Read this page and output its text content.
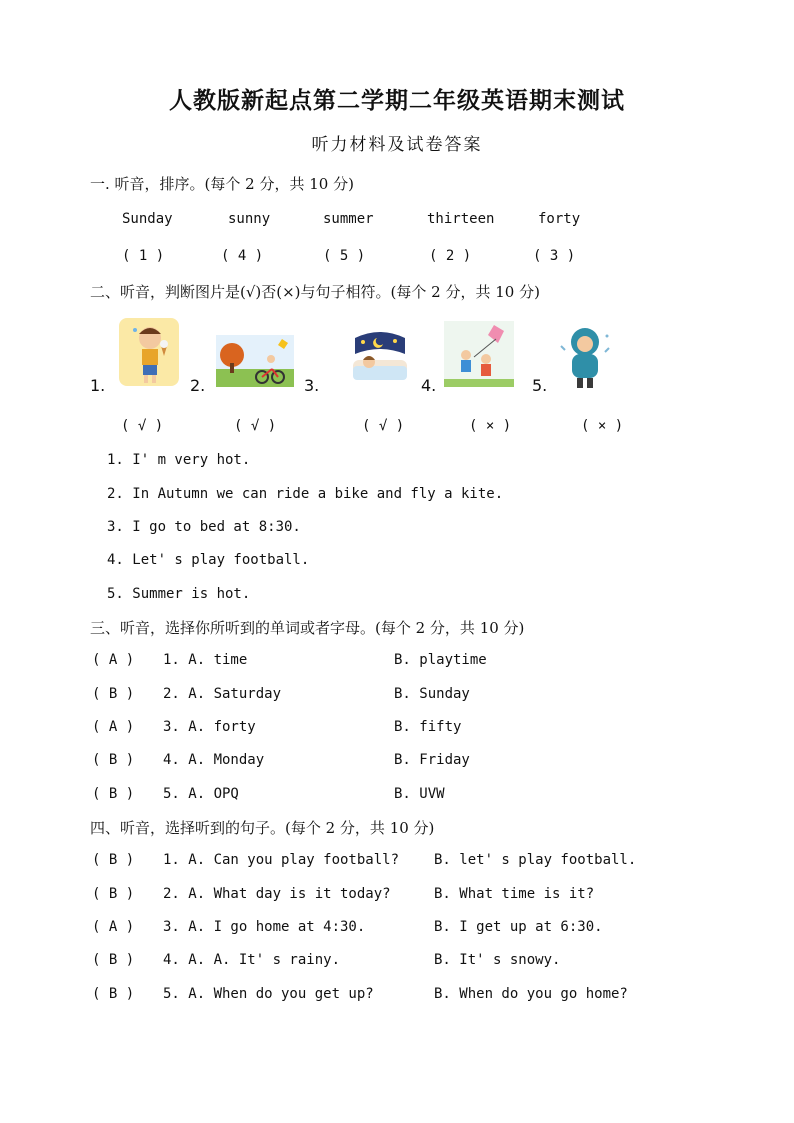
人教版新起点第二学期二年级英语期末测试
听力材料及试卷答案
一. 听音，排序。(每个 2 分，共 10 分)
Sunday	sunny	summer	thirteen	forty
( 1 )	( 4 )	( 5 )	( 2 )	( 3 )
二、听音，判断图片是(√)否(×)与句子相符。(每个 2 分，共 10 分)
1.	2.	3.	4.	5.
( √ )	( √ )	( √ )	( × )	( × )
1. I' m very hot.
2. In Autumn we can ride a bike and fly a kite.
3. I go to bed at 8:30.
4. Let' s play football.
5. Summer is hot.
三、听音，选择你所听到的单词或者字母。(每个 2 分，共 10 分)
( A ) 1. A. time	B. playtime
( B ) 2. A. Saturday	B. Sunday
( A ) 3. A. forty	B. fifty
( B ) 4. A. Monday	B. Friday
( B ) 5. A. OPQ	B. UVW
四、听音，选择听到的句子。(每个 2 分，共 10 分)
( B ) 1. A. Can you play football? B. let' s play football.
( B ) 2. A. What day is it today?	B. What time is it?
( A ) 3. A. I go home at 4:30.	B. I get up at 6:30.
( B ) 4. A. A. It' s rainy.	B. It' s snowy.
( B ) 5. A. When do you get up?	B. When do you go home?
